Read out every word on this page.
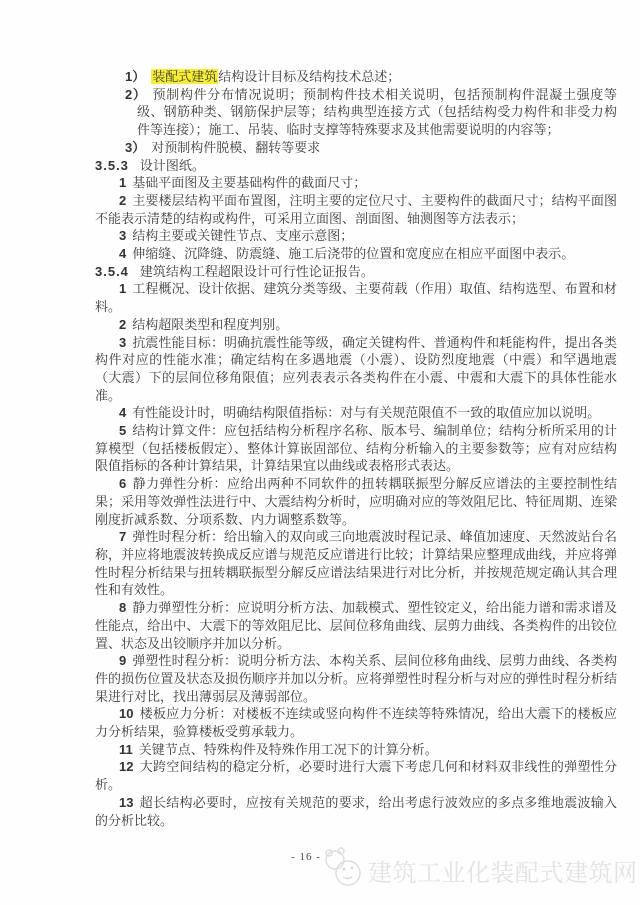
1） 装配式建筑结构设计目标及结构技术总述；

2） 预制构件分布情况说明；预制构件技术相关说明，包括预制构件混凝土强度等级、钢筋种类、钢筋保护层等；结构典型连接方式（包括结构受力构件和非受力构件等连接）；施工、吊装、临时支撑等特殊要求及其他需要说明的内容等；

3） 对预制构件脱模、翻转等要求

3.5.3 设计图纸。

1 基础平面图及主要基础构件的截面尺寸；

2 主要楼层结构平面布置图，注明主要的定位尺寸、主要构件的截面尺寸；结构平面图不能表示清楚的结构或构件，可采用立面图、剖面图、轴测图等方法表示；

3 结构主要或关键性节点、支座示意图；

4 伸缩缝、沉降缝、防震缝、施工后浇带的位置和宽度应在相应平面图中表示。

3.5.4 建筑结构工程超限设计可行性论证报告。

1 工程概况、设计依据、建筑分类等级、主要荷载（作用）取值、结构选型、布置和材料。

2 结构超限类型和程度判别。

3 抗震性能目标：明确抗震性能等级，确定关键构件、普通构件和耗能构件，提出各类构件对应的性能水准；确定结构在多遇地震（小震）、设防烈度地震（中震）和罕遇地震（大震）下的层间位移角限值；应列表表示各类构件在小震、中震和大震下的具体性能水准。

4 有性能设计时，明确结构限值指标：对与有关规范限值不一致的取值应加以说明。

5 结构计算文件：应包括结构分析程序名称、版本号、编制单位；结构分析所采用的计算模型（包括楼板假定）、整体计算嵌固部位、结构分析输入的主要参数等；应有对应结构限值指标的各种计算结果，计算结果宜以曲线或表格形式表达。

6 静力弹性分析：应给出两种不同软件的扭转耦联振型分解反应谱法的主要控制性结果；采用等效弹性法进行中、大震结构分析时，应明确对应的等效阻尼比、特征周期、连梁刚度折减系数、分项系数、内力调整系数等。

7 弹性时程分析：给出输入的双向或三向地震波时程记录、峰值加速度、天然波站台名称，并应将地震波转换成反应谱与规范反应谱进行比较；计算结果应整理成曲线，并应将弹性时程分析结果与扭转耦联振型分解反应谱法结果进行对比分析，并按规范规定确认其合理性和有效性。

8 静力弹塑性分析：应说明分析方法、加载模式、塑性铰定义，给出能力谱和需求谱及性能点，给出中、大震下的等效阻尼比、层间位移角曲线、层剪力曲线、各类构件的出铰位置、状态及出铰顺序并加以分析。

9 弹塑性时程分析：说明分析方法、本构关系、层间位移角曲线、层剪力曲线、各类构件的损伤位置及状态及损伤顺序并加以分析。应将弹塑性时程分析与对应的弹性时程分析结果进行对比，找出薄弱层及薄弱部位。

10 楼板应力分析：对楼板不连续或竖向构件不连续等特殊情况，给出大震下的楼板应力分析结果，验算楼板受剪承载力。

11 关键节点、特殊构件及特殊作用工况下的计算分析。

12 大跨空间结构的稳定分析，必要时进行大震下考虑几何和材料双非线性的弹塑性分析。

13 超长结构必要时，应按有关规范的要求，给出考虑行波效应的多点多维地震波输入的分析比较。

- 16 -
建筑工业化装配式建筑网
